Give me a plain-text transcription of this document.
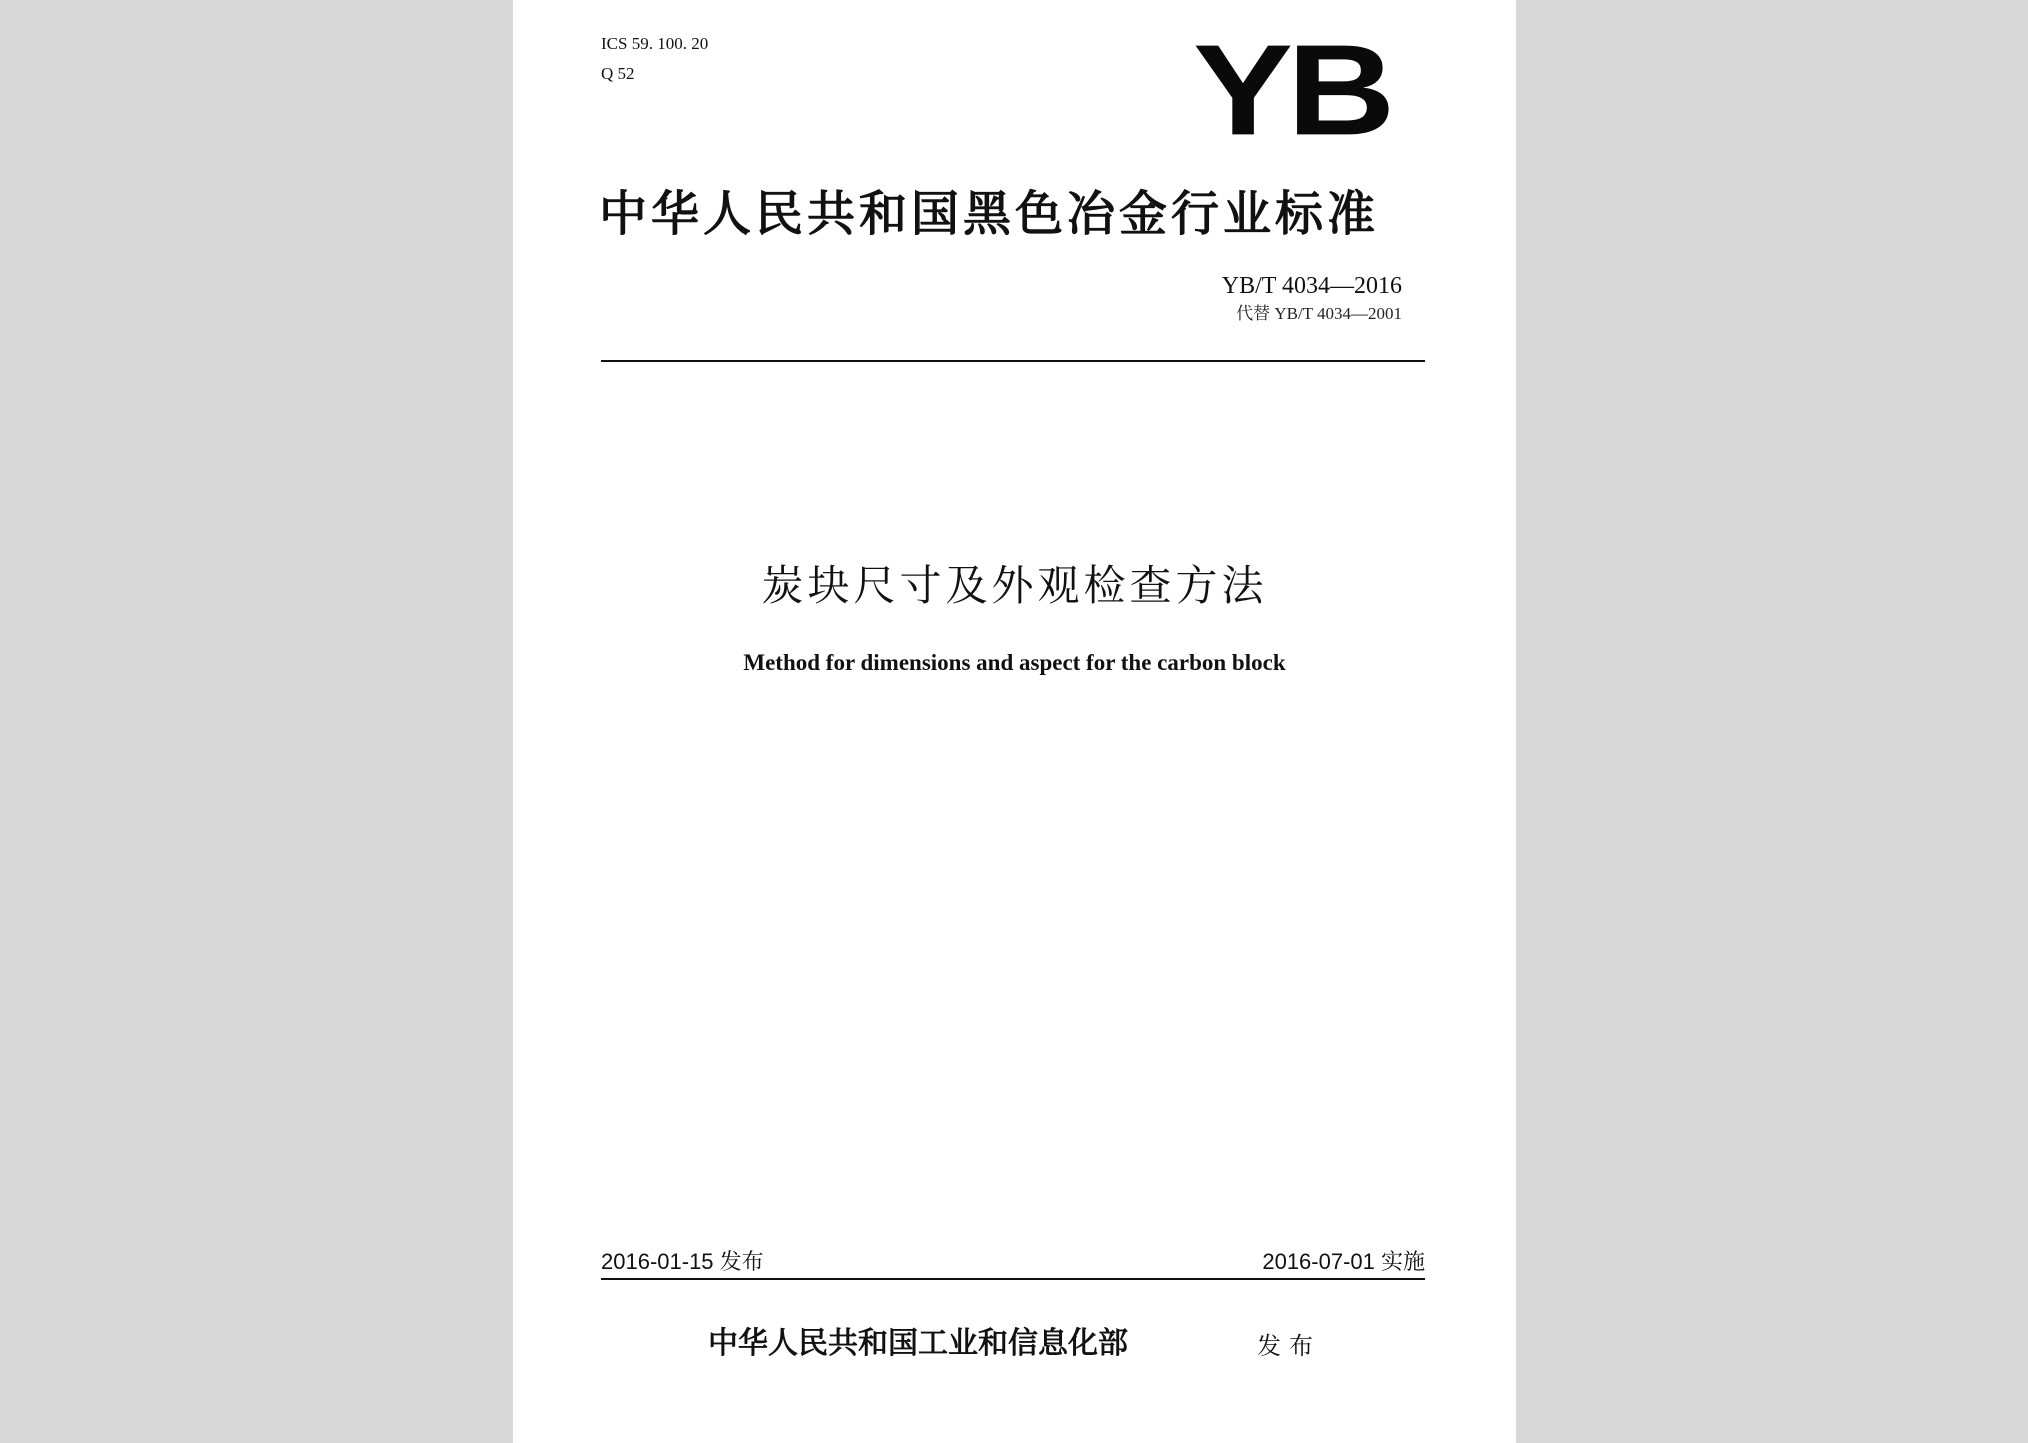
ICS 59. 100. 20
Q 52	YB
中华人民共和国黑色冶金行业标准
YB/T 4034—2016
代替 YB/T 4034—2001
炭块尺寸及外观检查方法
Method for dimensions and aspect for the carbon block
2016-01-15 发布	2016-07-01 实施
中华人民共和国工业和信息化部	发布
